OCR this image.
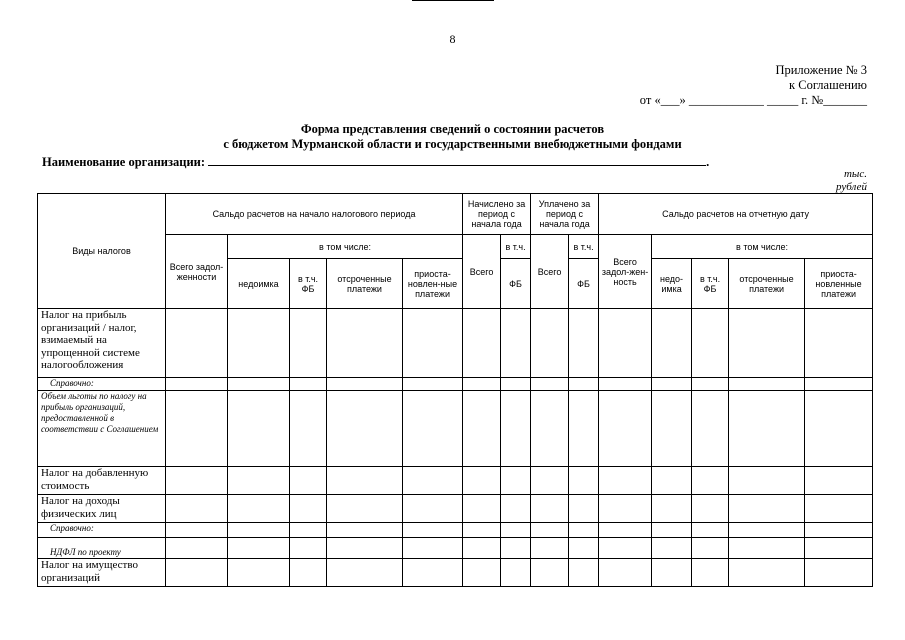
8
Приложение № 3
к Соглашению
от «___» ____________ _____ г. №_______
Форма представления сведений о состоянии расчетов
с бюджетом Мурманской области и государственными внебюджетными фондами
Наименование организации:	.
тыс.
рублей
Виды налогов	Сальдо расчетов на начало налогового периода					Начислено за период с начала года		Уплачено за период с начала года		Сальдо расчетов на отчетную дату				
	Всего задол-женности	в том числе:				Всего	в т.ч.	Всего	в т.ч.	Всего задол-жен-ность	в том числе:			
		недоимка	в т.ч. ФБ	отсроченные платежи	приоста-новлен-ные платежи		ФБ		ФБ		недо-имка	в т.ч. ФБ	отсроченные платежи	приоста-новленные платежи
Налог на прибыль организаций / налог, взимаемый на упрощенной системе налогообложения														
Справочно:														
Объем льготы по налогу на прибыль организаций, предоставленной в соответствии с Соглашением														
Налог на добавленную стоимость														
Налог на доходы физических лиц														
Справочно:														
НДФЛ по проекту														
Налог на имущество организаций														
